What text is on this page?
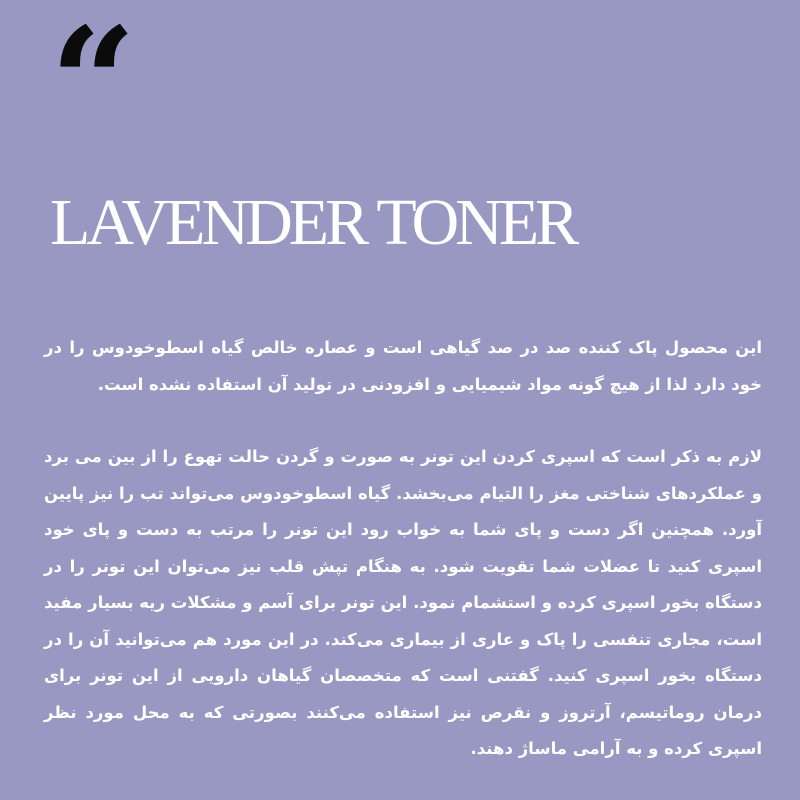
“
LAVENDER TONER

این محصول پاک کننده صد در صد گیاهی است و عصاره خالص گیاه اسطوخودوس را در خود دارد لذا از هیچ گونه مواد شیمیایی و افزودنی در تولید آن استفاده نشده است.

لازم به ذکر است که اسپری کردن این تونر به صورت و گردن حالت تهوع را از بین می برد و عملکردهای شناختی مغز را التیام می‌بخشد. گیاه اسطوخودوس می‌تواند تب را نیز پایین آورد. همچنین اگر دست و پای شما به خواب رود این تونر را مرتب به دست و پای خود اسپری کنید تا عضلات شما تقویت شود. به هنگام تپش قلب نیز می‌توان این تونر را در دستگاه بخور اسپری کرده و استشمام نمود. این تونر برای آسم و مشکلات ریه بسیار مفید است، مجاری تنفسی را پاک و عاری از بیماری می‌کند. در این مورد هم می‌توانید آن را در دستگاه بخور اسپری کنید. گفتنی است که متخصصان گیاهان دارویی از این تونر برای درمان روماتیسم، آرتروز و نقرص نیز استفاده می‌کنند بصورتی که به محل مورد نظر اسپری کرده و به آرامی ماساژ دهند.
